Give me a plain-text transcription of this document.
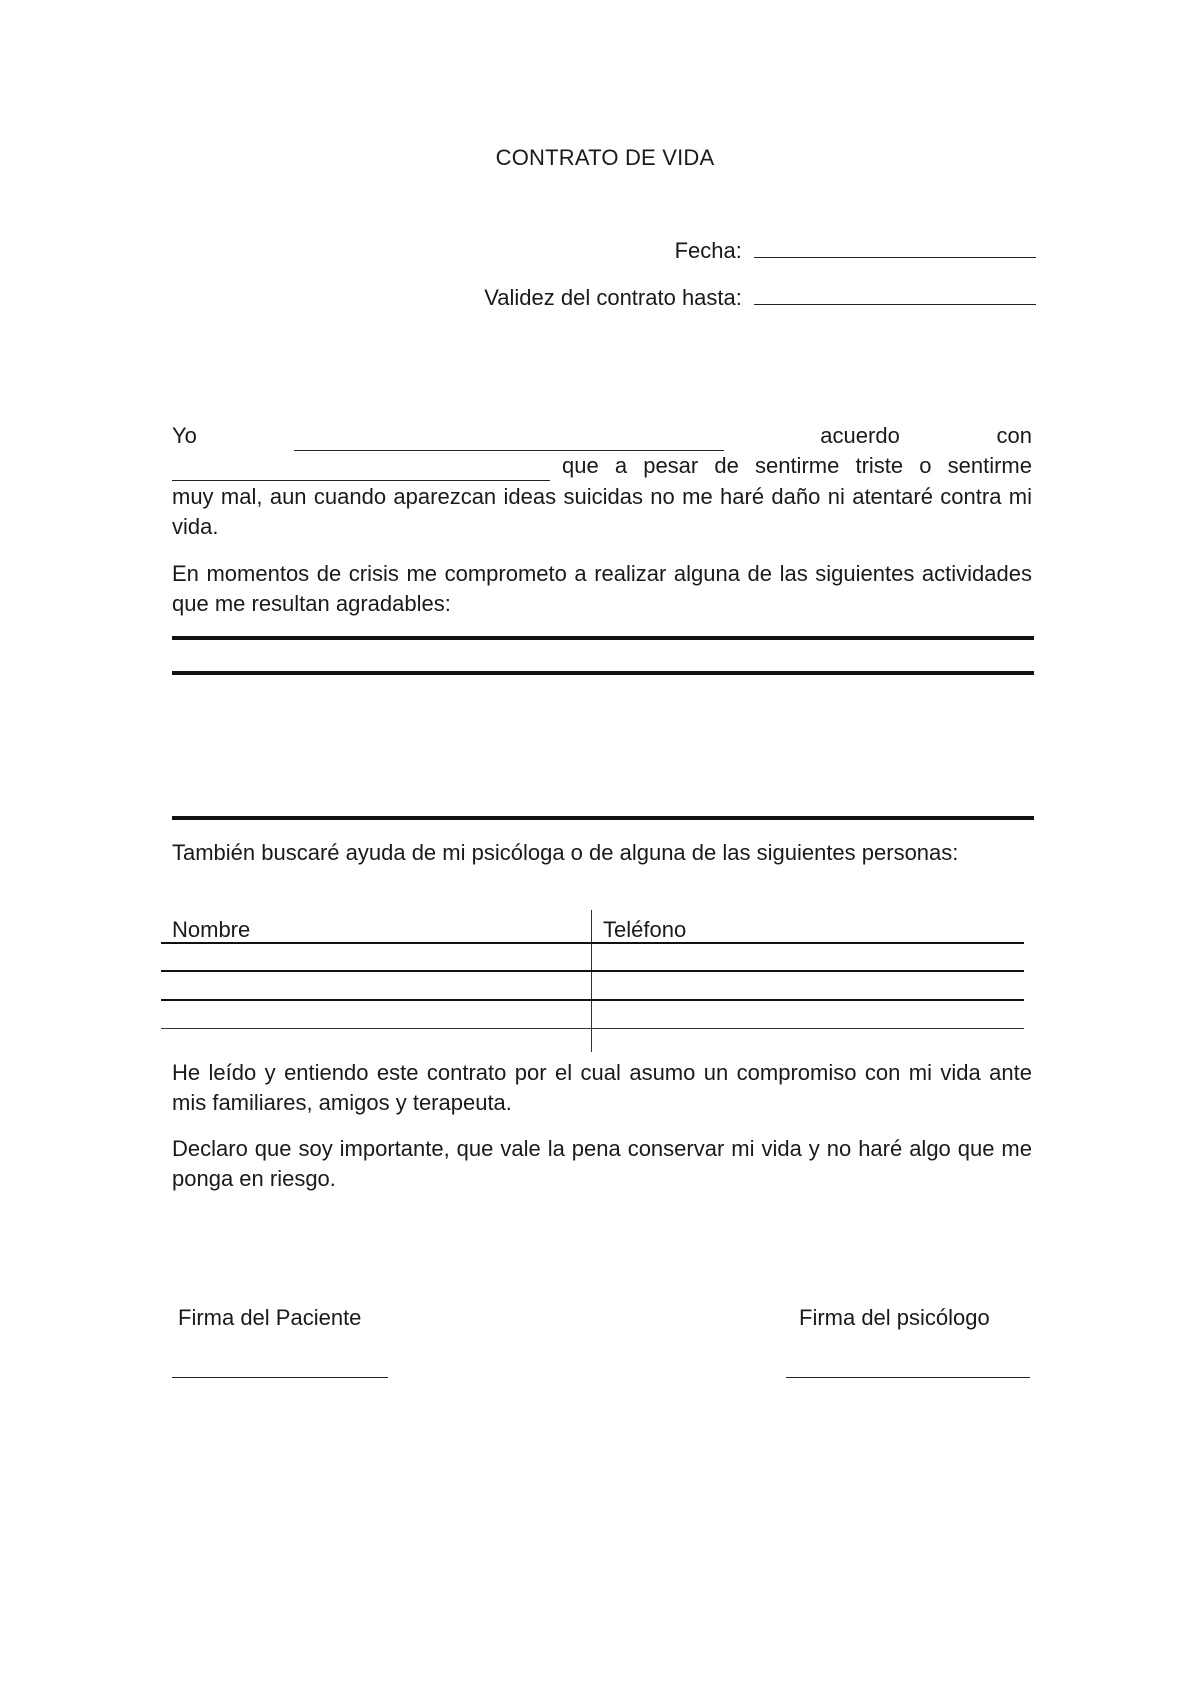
CONTRATO DE VIDA
Fecha:
Validez del contrato hasta:
Yo	acuerdo	con
que a pesar de sentirme triste o sentirme
muy mal, aun cuando aparezcan ideas suicidas no me haré daño ni atentaré contra mi vida.
En momentos de crisis me comprometo a realizar alguna de las siguientes actividades que me resultan agradables:
También buscaré ayuda de mi psicóloga o de alguna de las siguientes personas:
Nombre	Teléfono
He leído y entiendo este contrato por el cual asumo un compromiso con mi vida ante mis familiares, amigos y terapeuta.
Declaro que soy importante, que vale la pena conservar mi vida y no haré algo que me ponga en riesgo.
Firma del Paciente	Firma del psicólogo
